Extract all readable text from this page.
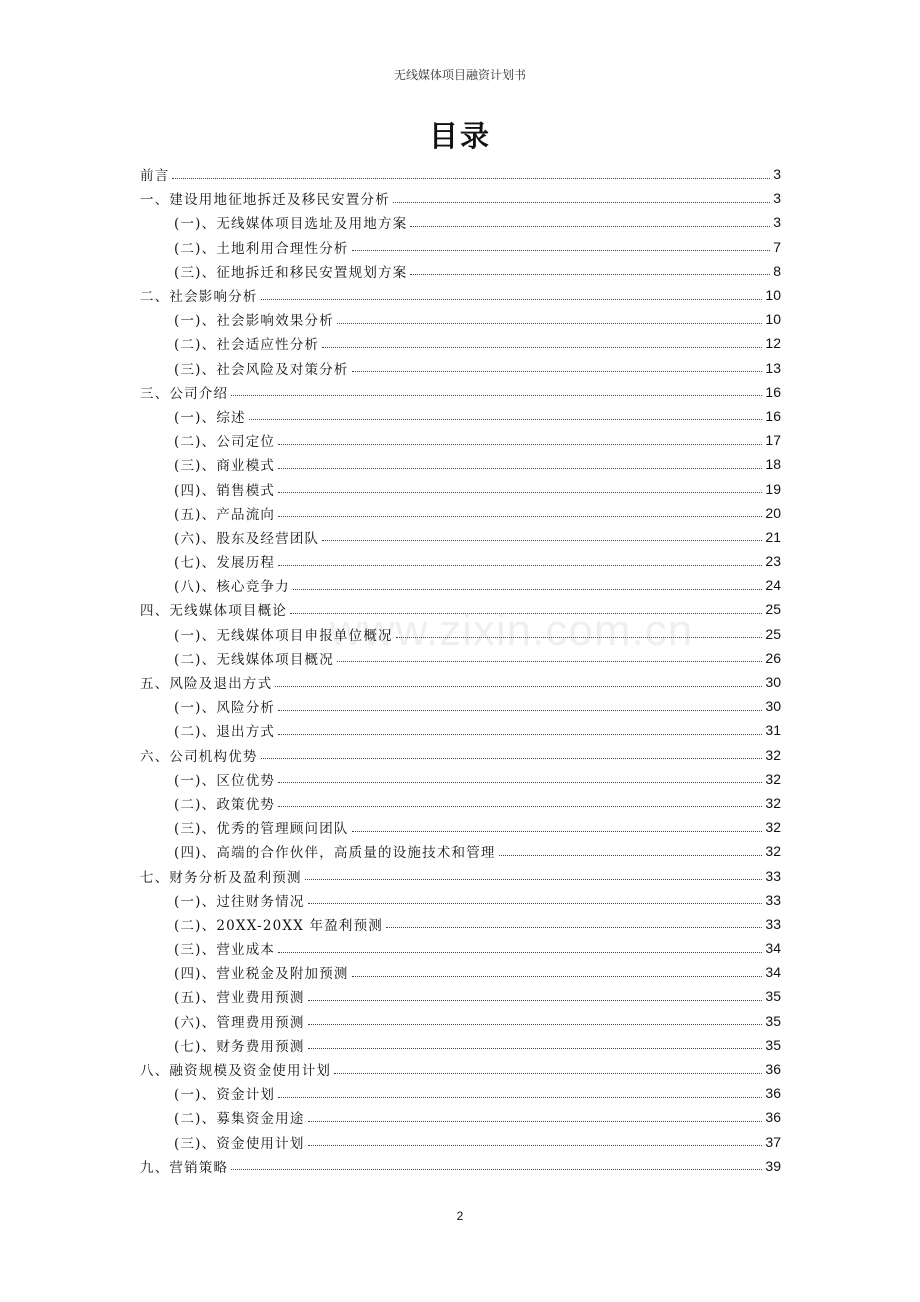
无线媒体项目融资计划书
目录
www.zixin.com.cn
前言	3
一、建设用地征地拆迁及移民安置分析	3
(一)、无线媒体项目选址及用地方案	3
(二)、土地利用合理性分析	7
(三)、征地拆迁和移民安置规划方案	8
二、社会影响分析	10
(一)、社会影响效果分析	10
(二)、社会适应性分析	12
(三)、社会风险及对策分析	13
三、公司介绍	16
(一)、综述	16
(二)、公司定位	17
(三)、商业模式	18
(四)、销售模式	19
(五)、产品流向	20
(六)、股东及经营团队	21
(七)、发展历程	23
(八)、核心竞争力	24
四、无线媒体项目概论	25
(一)、无线媒体项目申报单位概况	25
(二)、无线媒体项目概况	26
五、风险及退出方式	30
(一)、风险分析	30
(二)、退出方式	31
六、公司机构优势	32
(一)、区位优势	32
(二)、政策优势	32
(三)、优秀的管理顾问团队	32
(四)、高端的合作伙伴，高质量的设施技术和管理	32
七、财务分析及盈利预测	33
(一)、过往财务情况	33
(二)、20XX-20XX 年盈利预测	33
(三)、营业成本	34
(四)、营业税金及附加预测	34
(五)、营业费用预测	35
(六)、管理费用预测	35
(七)、财务费用预测	35
八、融资规模及资金使用计划	36
(一)、资金计划	36
(二)、募集资金用途	36
(三)、资金使用计划	37
九、营销策略	39
2
